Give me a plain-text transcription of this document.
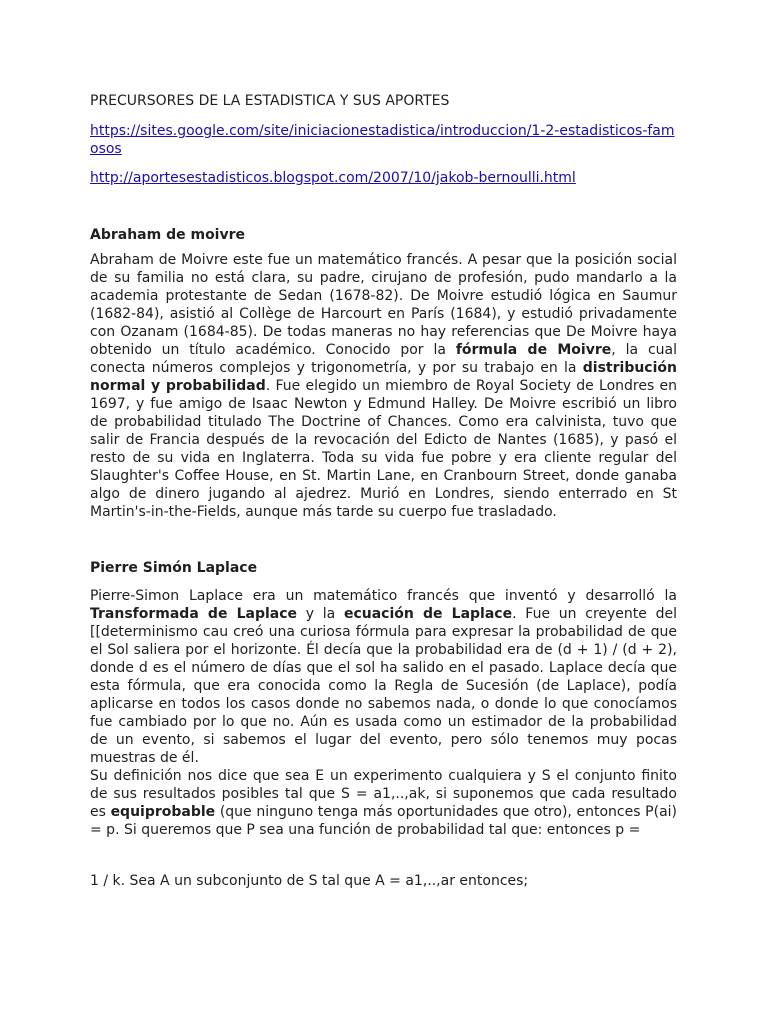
PRECURSORES DE LA ESTADISTICA Y SUS APORTES
https://sites.google.com/site/iniciacionestadistica/introduccion/1-2-estadisticos-famosos
http://aportesestadisticos.blogspot.com/2007/10/jakob-bernoulli.html
Abraham de moivre

Abraham de Moivre este fue un matemático francés. A pesar que la posición social de su familia no está clara, su padre, cirujano de profesión, pudo mandarlo a la academia protestante de Sedan (1678-82). De Moivre estudió lógica en Saumur (1682-84), asistió al Collège de Harcourt en París (1684), y estudió privadamente con Ozanam (1684-85). De todas maneras no hay referencias que De Moivre haya obtenido un título académico. Conocido por la fórmula de Moivre, la cual conecta números complejos y trigonometría, y por su trabajo en la distribución normal y probabilidad. Fue elegido un miembro de Royal Society de Londres en 1697, y fue amigo de Isaac Newton y Edmund Halley. De Moivre escribió un libro de probabilidad titulado The Doctrine of Chances. Como era calvinista, tuvo que salir de Francia después de la revocación del Edicto de Nantes (1685), y pasó el resto de su vida en Inglaterra. Toda su vida fue pobre y era cliente regular del Slaughter's Coffee House, en St. Martin Lane, en Cranbourn Street, donde ganaba algo de dinero jugando al ajedrez. Murió en Londres, siendo enterrado en St Martin's-in-the-Fields, aunque más tarde su cuerpo fue trasladado.

Pierre Simón Laplace

Pierre-Simon Laplace era un matemático francés que inventó y desarrolló la Transformada de Laplace y la ecuación de Laplace. Fue un creyente del [[determinismo cau creó una curiosa fórmula para expresar la probabilidad de que el Sol saliera por el horizonte. Él decía que la probabilidad era de (d + 1) / (d + 2), donde d es el número de días que el sol ha salido en el pasado. Laplace decía que esta fórmula, que era conocida como la Regla de Sucesión (de Laplace), podía aplicarse en todos los casos donde no sabemos nada, o donde lo que conocíamos fue cambiado por lo que no. Aún es usada como un estimador de la probabilidad de un evento, si sabemos el lugar del evento, pero sólo tenemos muy pocas muestras de él.

Su definición nos dice que sea E un experimento cualquiera y S el conjunto finito de sus resultados posibles tal que S = a1,..,ak, si suponemos que cada resultado es equiprobable (que ninguno tenga más oportunidades que otro), entonces P(ai) = p. Si queremos que P sea una función de probabilidad tal que: entonces p =

1 / k. Sea A un subconjunto de S tal que A = a1,..,ar entonces;
